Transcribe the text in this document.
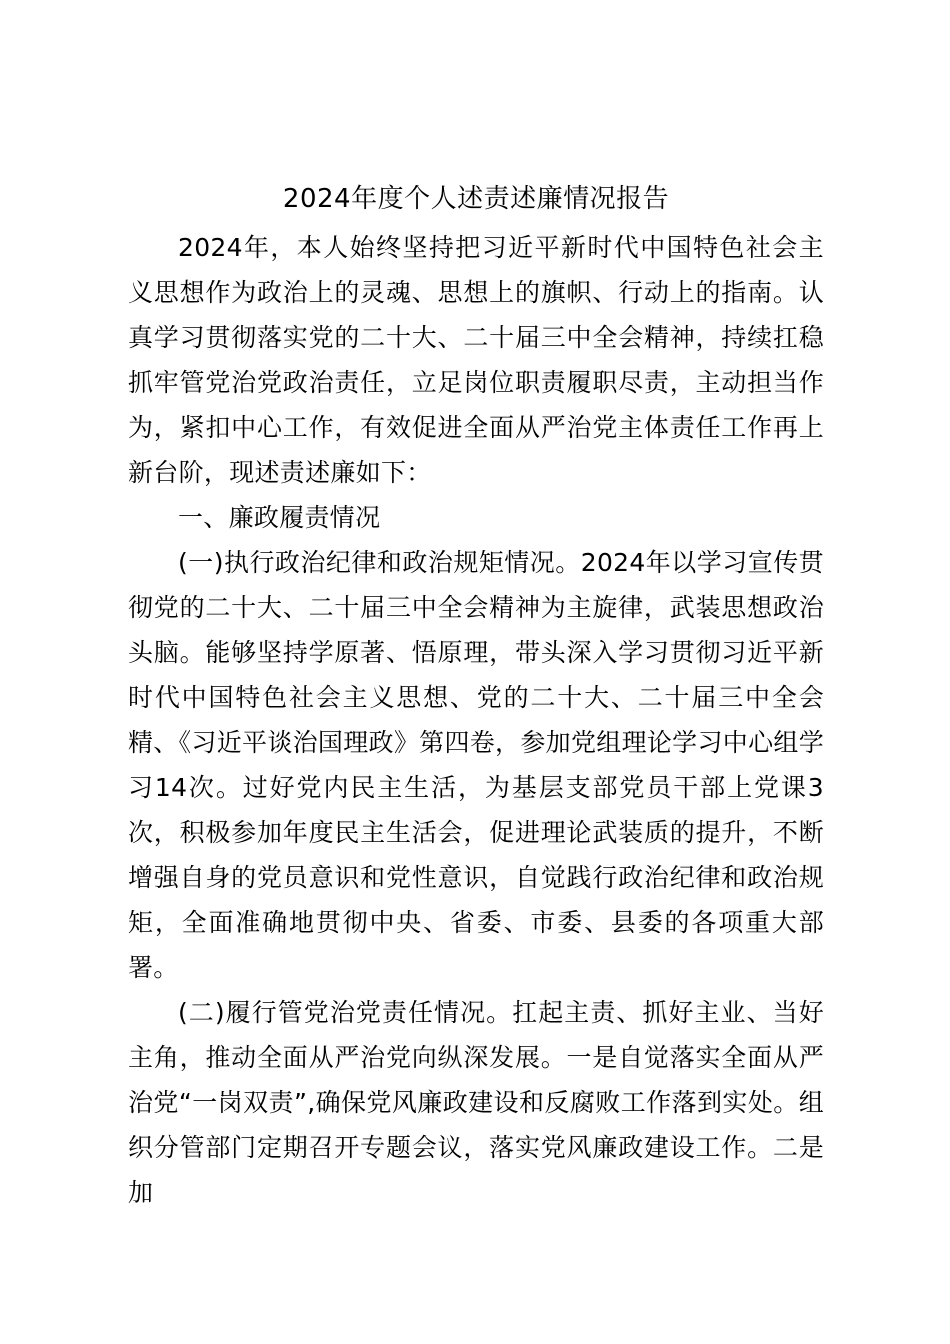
2024年度个人述责述廉情况报告

2024年，本人始终坚持把习近平新时代中国特色社会主义思想作为政治上的灵魂、思想上的旗帜、行动上的指南。认真学习贯彻落实党的二十大、二十届三中全会精神，持续扛稳抓牢管党治党政治责任，立足岗位职责履职尽责，主动担当作为，紧扣中心工作，有效促进全面从严治党主体责任工作再上新台阶，现述责述廉如下：

一、廉政履责情况

(一)执行政治纪律和政治规矩情况。2024年以学习宣传贯彻党的二十大、二十届三中全会精神为主旋律，武装思想政治头脑。能够坚持学原著、悟原理，带头深入学习贯彻习近平新时代中国特色社会主义思想、党的二十大、二十届三中全会精、《习近平谈治国理政》第四卷，参加党组理论学习中心组学习14次。过好党内民主生活，为基层支部党员干部上党课3次，积极参加年度民主生活会，促进理论武装质的提升，不断增强自身的党员意识和党性意识，自觉践行政治纪律和政治规矩，全面准确地贯彻中央、省委、市委、县委的各项重大部署。

(二)履行管党治党责任情况。扛起主责、抓好主业、当好主角，推动全面从严治党向纵深发展。一是自觉落实全面从严治党“一岗双责”,确保党风廉政建设和反腐败工作落到实处。组织分管部门定期召开专题会议，落实党风廉政建设工作。二是加
